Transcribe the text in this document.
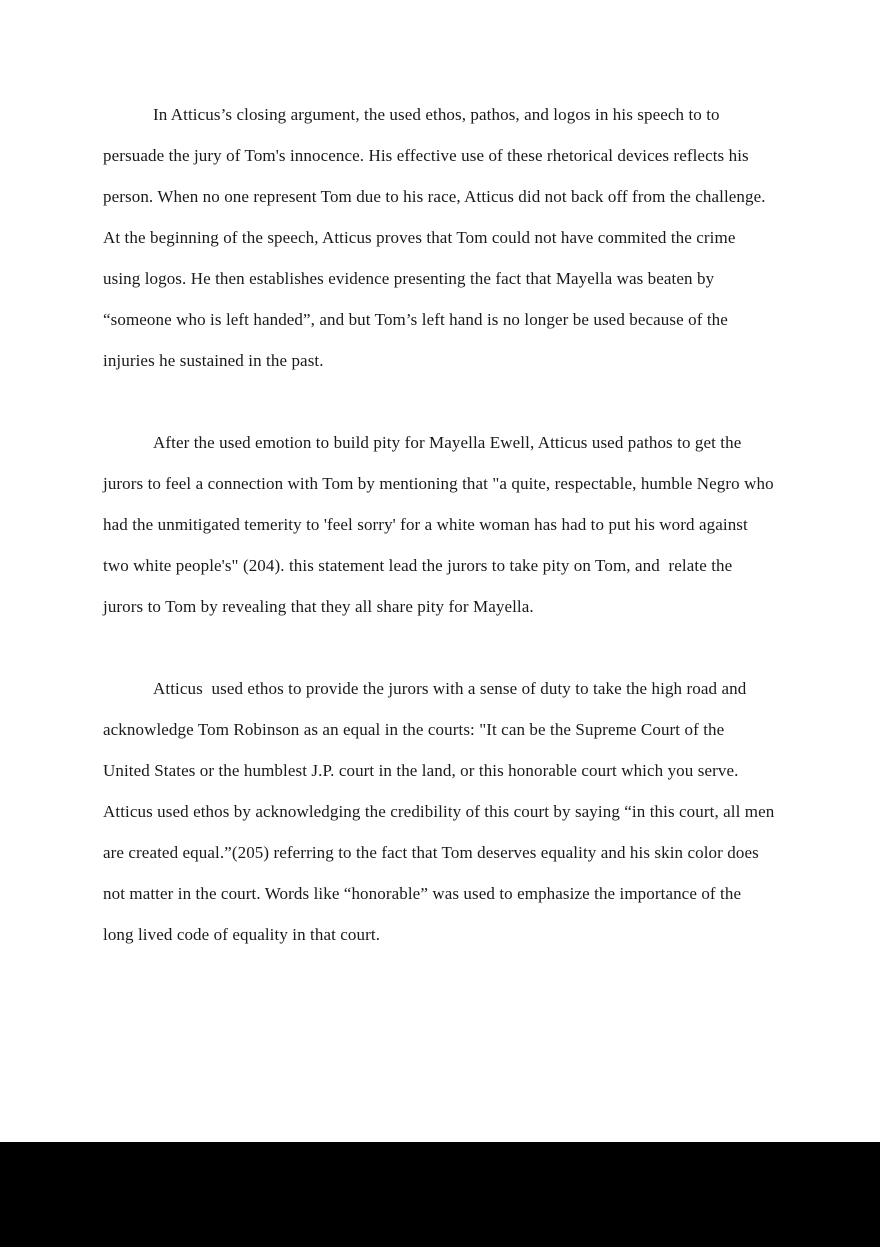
In Atticus’s closing argument, the used ethos, pathos, and logos in his speech to to
persuade the jury of Tom's innocence. His effective use of these rhetorical devices reflects his
person. When no one represent Tom due to his race, Atticus did not back off from the challenge.
At the beginning of the speech, Atticus proves that Tom could not have commited the crime
using logos. He then establishes evidence presenting the fact that Mayella was beaten by
“someone who is left handed”, and but Tom’s left hand is no longer be used because of the
injuries he sustained in the past.
After the used emotion to build pity for Mayella Ewell, Atticus used pathos to get the
jurors to feel a connection with Tom by mentioning that "a quite, respectable, humble Negro who
had the unmitigated temerity to 'feel sorry' for a white woman has had to put his word against
two white people's" (204). this statement lead the jurors to take pity on Tom, and  relate the
jurors to Tom by revealing that they all share pity for Mayella.
Atticus  used ethos to provide the jurors with a sense of duty to take the high road and
acknowledge Tom Robinson as an equal in the courts: "It can be the Supreme Court of the
United States or the humblest J.P. court in the land, or this honorable court which you serve.
Atticus used ethos by acknowledging the credibility of this court by saying “in this court, all men
are created equal.”(205) referring to the fact that Tom deserves equality and his skin color does
not matter in the court. Words like “honorable” was used to emphasize the importance of the
long lived code of equality in that court.
